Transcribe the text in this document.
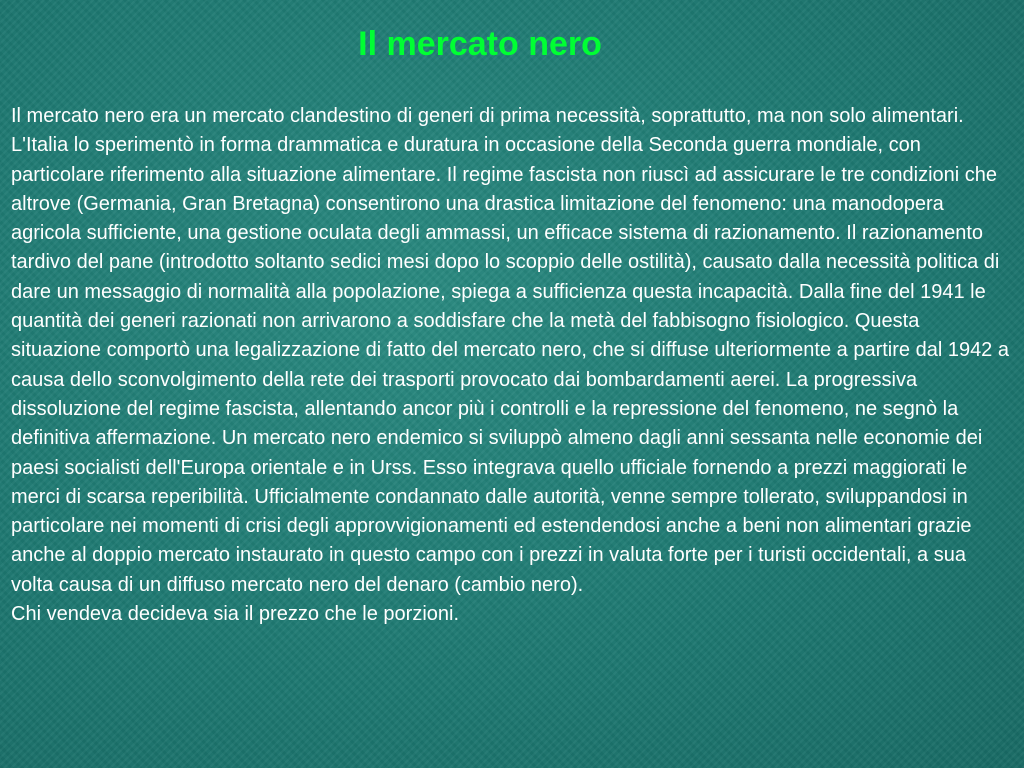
Il mercato nero

Il mercato nero era un mercato clandestino di generi di prima necessità, soprattutto, ma non solo alimentari. L'Italia lo sperimentò in forma drammatica e duratura in occasione della Seconda guerra mondiale, con particolare riferimento alla situazione alimentare. Il regime fascista non riuscì ad assicurare le tre condizioni che altrove (Germania, Gran Bretagna) consentirono una drastica limitazione del fenomeno: una manodopera agricola sufficiente, una gestione oculata degli ammassi, un efficace sistema di razionamento. Il razionamento tardivo del pane (introdotto soltanto sedici mesi dopo lo scoppio delle ostilità), causato dalla necessità politica di dare un messaggio di normalità alla popolazione, spiega a sufficienza questa incapacità. Dalla fine del 1941 le quantità dei generi razionati non arrivarono a soddisfare che la metà del fabbisogno fisiologico. Questa situazione comportò una legalizzazione di fatto del mercato nero, che si diffuse ulteriormente a partire dal 1942 a causa dello sconvolgimento della rete dei trasporti provocato dai bombardamenti aerei. La progressiva dissoluzione del regime fascista, allentando ancor più i controlli e la repressione del fenomeno, ne segnò la definitiva affermazione. Un mercato nero endemico si sviluppò almeno dagli anni sessanta nelle economie dei paesi socialisti dell'Europa orientale e in Urss. Esso integrava quello ufficiale fornendo a prezzi maggiorati le merci di scarsa reperibilità. Ufficialmente condannato dalle autorità, venne sempre tollerato, sviluppandosi in particolare nei momenti di crisi degli approvvigionamenti ed estendendosi anche a beni non alimentari grazie anche al doppio mercato instaurato in questo campo con i prezzi in valuta forte per i turisti occidentali, a sua volta causa di un diffuso mercato nero del denaro (cambio nero).

Chi vendeva decideva sia il prezzo che le porzioni.
